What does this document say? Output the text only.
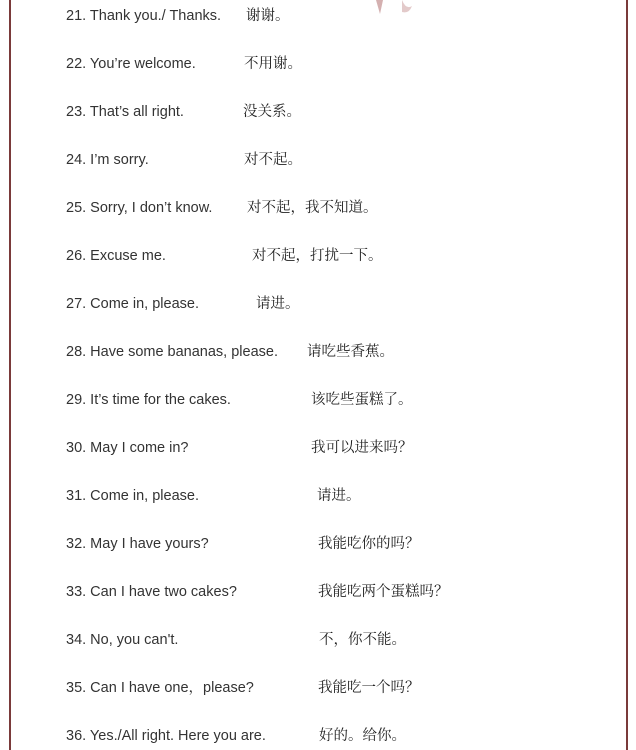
21. Thank you./ Thanks. 谢谢。
22. You’re welcome.	不用谢。
23. That’s all right.	没关系。
24. I’m sorry.	对不起。
25. Sorry, I don’t know. 对不起，我不知道。
26. Excuse me.	对不起，打扰一下。
27. Come in, please.	请进。
28. Have some bananas, please. 请吃些香蕉。
29. It’s time for the cakes.	该吃些蛋糕了。
30. May I come in?	我可以进来吗？
31. Come in, please.	请进。
32. May I have yours?	我能吃你的吗？
33. Can I have two cakes?	我能吃两个蛋糕吗？
34. No, you can't.	不，你不能。
35. Can I have one，please?	我能吃一个吗？
36. Yes./All right. Here you are.	好的。给你。
